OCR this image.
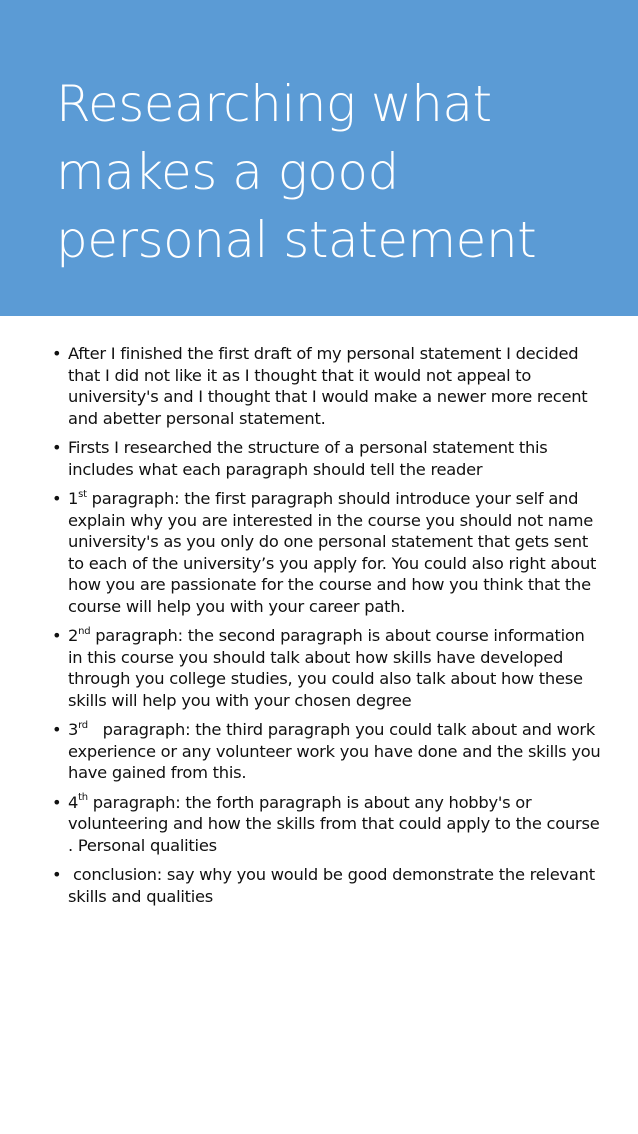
Researching what makes a good personal statement
• After I finished the first draft of my personal statement I decided that I did not like it as I thought that it would not appeal to university's and I thought that I would make a newer more recent and abetter personal statement.
• Firsts I researched the structure of a personal statement this includes what each paragraph should tell the reader
• 1st paragraph: the first paragraph should introduce your self and explain why you are interested in the course you should not name university's as you only do one personal statement that gets sent to each of the university’s you apply for. You could also right about how you are passionate for the course and how you think that the course will help you with your career path.
• 2nd paragraph: the second paragraph is about course information in this course you should talk about how skills have developed through you college studies, you could also talk about how these skills will help you with your chosen degree
• 3rd   paragraph: the third paragraph you could talk about and work experience or any volunteer work you have done and the skills you have gained from this.
• 4th paragraph: the forth paragraph is about any hobby's or volunteering and how the skills from that could apply to the course . Personal qualities
• conclusion: say why you would be good demonstrate the relevant skills and qualities
